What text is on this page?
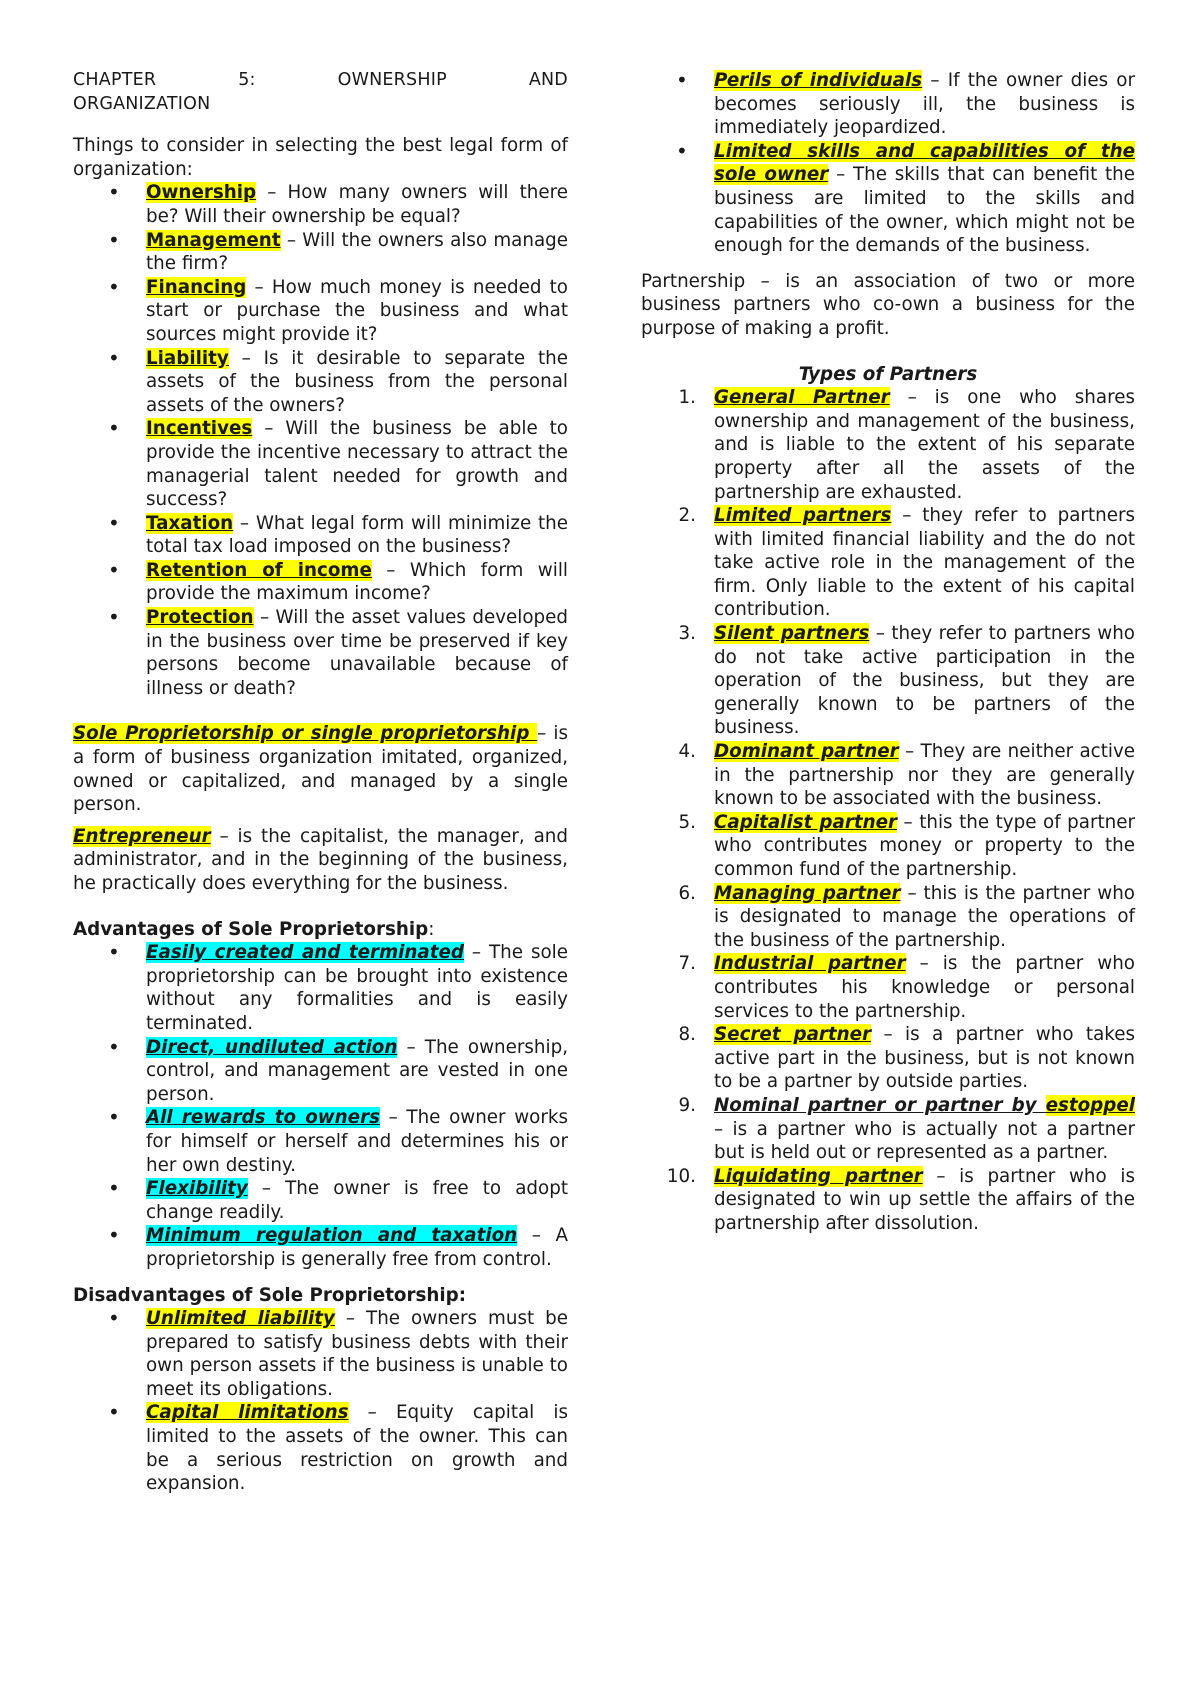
CHAPTER	5:	OWNERSHIP	AND
ORGANIZATION

Things to consider in selecting the best legal form of organization:

• Ownership – How many owners will there be? Will their ownership be equal?
• Management – Will the owners also manage the firm?
• Financing – How much money is needed to start or purchase the business and what sources might provide it?
• Liability – Is it desirable to separate the assets of the business from the personal assets of the owners?
• Incentives – Will the business be able to provide the incentive necessary to attract the managerial talent needed for growth and success?
• Taxation – What legal form will minimize the total tax load imposed on the business?
• Retention of income – Which form will provide the maximum income?
• Protection – Will the asset values developed in the business over time be preserved if key persons become unavailable because of illness or death?

Sole Proprietorship or single proprietorship – is a form of business organization imitated, organized, owned or capitalized, and managed by a single person.

Entrepreneur – is the capitalist, the manager, and administrator, and in the beginning of the business, he practically does everything for the business.

Advantages of Sole Proprietorship:

• Easily created and terminated – The sole proprietorship can be brought into existence without any formalities and is easily terminated.
• Direct, undiluted action – The ownership, control, and management are vested in one person.
• All rewards to owners – The owner works for himself or herself and determines his or her own destiny.
• Flexibility – The owner is free to adopt change readily.
• Minimum regulation and taxation – A proprietorship is generally free from control.

Disadvantages of Sole Proprietorship:

• Unlimited liability – The owners must be prepared to satisfy business debts with their own person assets if the business is unable to meet its obligations.
• Capital limitations – Equity capital is limited to the assets of the owner. This can be a serious restriction on growth and expansion.
• Perils of individuals – If the owner dies or becomes seriously ill, the business is immediately jeopardized.
• Limited skills and capabilities of the sole owner – The skills that can benefit the business are limited to the skills and capabilities of the owner, which might not be enough for the demands of the business.

Partnership – is an association of two or more business partners who co-own a business for the purpose of making a profit.

Types of Partners

1. General Partner – is one who shares ownership and management of the business, and is liable to the extent of his separate property after all the assets of the partnership are exhausted.
2. Limited partners – they refer to partners with limited financial liability and the do not take active role in the management of the firm. Only liable to the extent of his capital contribution.
3. Silent partners – they refer to partners who do not take active participation in the operation of the business, but they are generally known to be partners of the business.
4. Dominant partner – They are neither active in the partnership nor they are generally known to be associated with the business.
5. Capitalist partner – this the type of partner who contributes money or property to the common fund of the partnership.
6. Managing partner – this is the partner who is designated to manage the operations of the business of the partnership.
7. Industrial partner – is the partner who contributes his knowledge or personal services to the partnership.
8. Secret partner – is a partner who takes active part in the business, but is not known to be a partner by outside parties.
9. Nominal partner or partner by estoppel – is a partner who is actually not a partner but is held out or represented as a partner.
10. Liquidating partner – is partner who is designated to win up settle the affairs of the partnership after dissolution.
